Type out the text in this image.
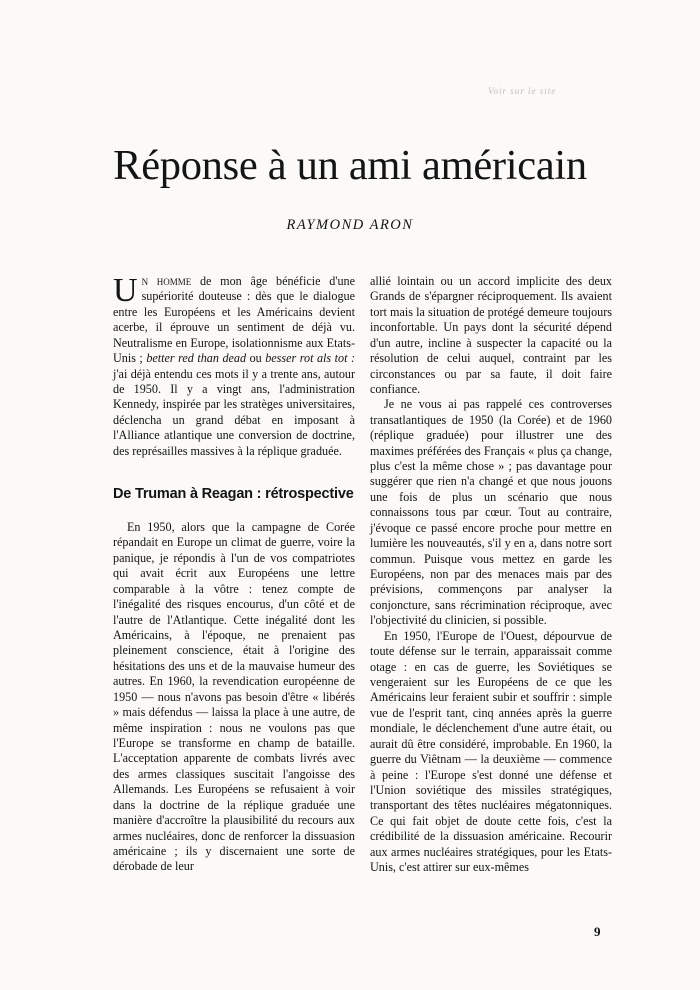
Voir sur le site
Réponse à un ami américain
RAYMOND ARON

Un homme de mon âge bénéficie d'une supériorité douteuse : dès que le dialogue entre les Européens et les Américains devient acerbe, il éprouve un sentiment de déjà vu. Neutralisme en Europe, isolationnisme aux Etats-Unis ; better red than dead ou besser rot als tot : j'ai déjà entendu ces mots il y a trente ans, autour de 1950. Il y a vingt ans, l'administration Kennedy, inspirée par les stratèges universitaires, déclencha un grand débat en imposant à l'Alliance atlantique une conversion de doctrine, des représailles massives à la réplique graduée.

De Truman à Reagan : rétrospective

En 1950, alors que la campagne de Corée répandait en Europe un climat de guerre, voire la panique, je répondis à l'un de vos compatriotes qui avait écrit aux Européens une lettre comparable à la vôtre : tenez compte de l'inégalité des risques encourus, d'un côté et de l'autre de l'Atlantique. Cette inégalité dont les Américains, à l'époque, ne prenaient pas pleinement conscience, était à l'origine des hésitations des uns et de la mauvaise humeur des autres. En 1960, la revendication européenne de 1950 — nous n'avons pas besoin d'être « libérés » mais défendus — laissa la place à une autre, de même inspiration : nous ne voulons pas que l'Europe se transforme en champ de bataille. L'acceptation apparente de combats livrés avec des armes classiques suscitait l'angoisse des Allemands. Les Européens se refusaient à voir dans la doctrine de la réplique graduée une manière d'accroître la plausibilité du recours aux armes nucléaires, donc de renforcer la dissuasion américaine ; ils y discernaient une sorte de dérobade de leur

allié lointain ou un accord implicite des deux Grands de s'épargner réciproquement. Ils avaient tort mais la situation de protégé demeure toujours inconfortable. Un pays dont la sécurité dépend d'un autre, incline à suspecter la capacité ou la résolution de celui auquel, contraint par les circonstances ou par sa faute, il doit faire confiance.

Je ne vous ai pas rappelé ces controverses transatlantiques de 1950 (la Corée) et de 1960 (réplique graduée) pour illustrer une des maximes préférées des Français « plus ça change, plus c'est la même chose » ; pas davantage pour suggérer que rien n'a changé et que nous jouons une fois de plus un scénario que nous connaissons tous par cœur. Tout au contraire, j'évoque ce passé encore proche pour mettre en lumière les nouveautés, s'il y en a, dans notre sort commun. Puisque vous mettez en garde les Européens, non par des menaces mais par des prévisions, commençons par analyser la conjoncture, sans récrimination réciproque, avec l'objectivité du clinicien, si possible.

En 1950, l'Europe de l'Ouest, dépourvue de toute défense sur le terrain, apparaissait comme otage : en cas de guerre, les Soviétiques se vengeraient sur les Européens de ce que les Américains leur feraient subir et souffrir : simple vue de l'esprit tant, cinq années après la guerre mondiale, le déclenchement d'une autre était, ou aurait dû être considéré, improbable. En 1960, la guerre du Viêtnam — la deuxième — commence à peine : l'Europe s'est donné une défense et l'Union soviétique des missiles stratégiques, transportant des têtes nucléaires mégatonniques. Ce qui fait objet de doute cette fois, c'est la crédibilité de la dissuasion américaine. Recourir aux armes nucléaires stratégiques, pour les Etats-Unis, c'est attirer sur eux-mêmes

9
